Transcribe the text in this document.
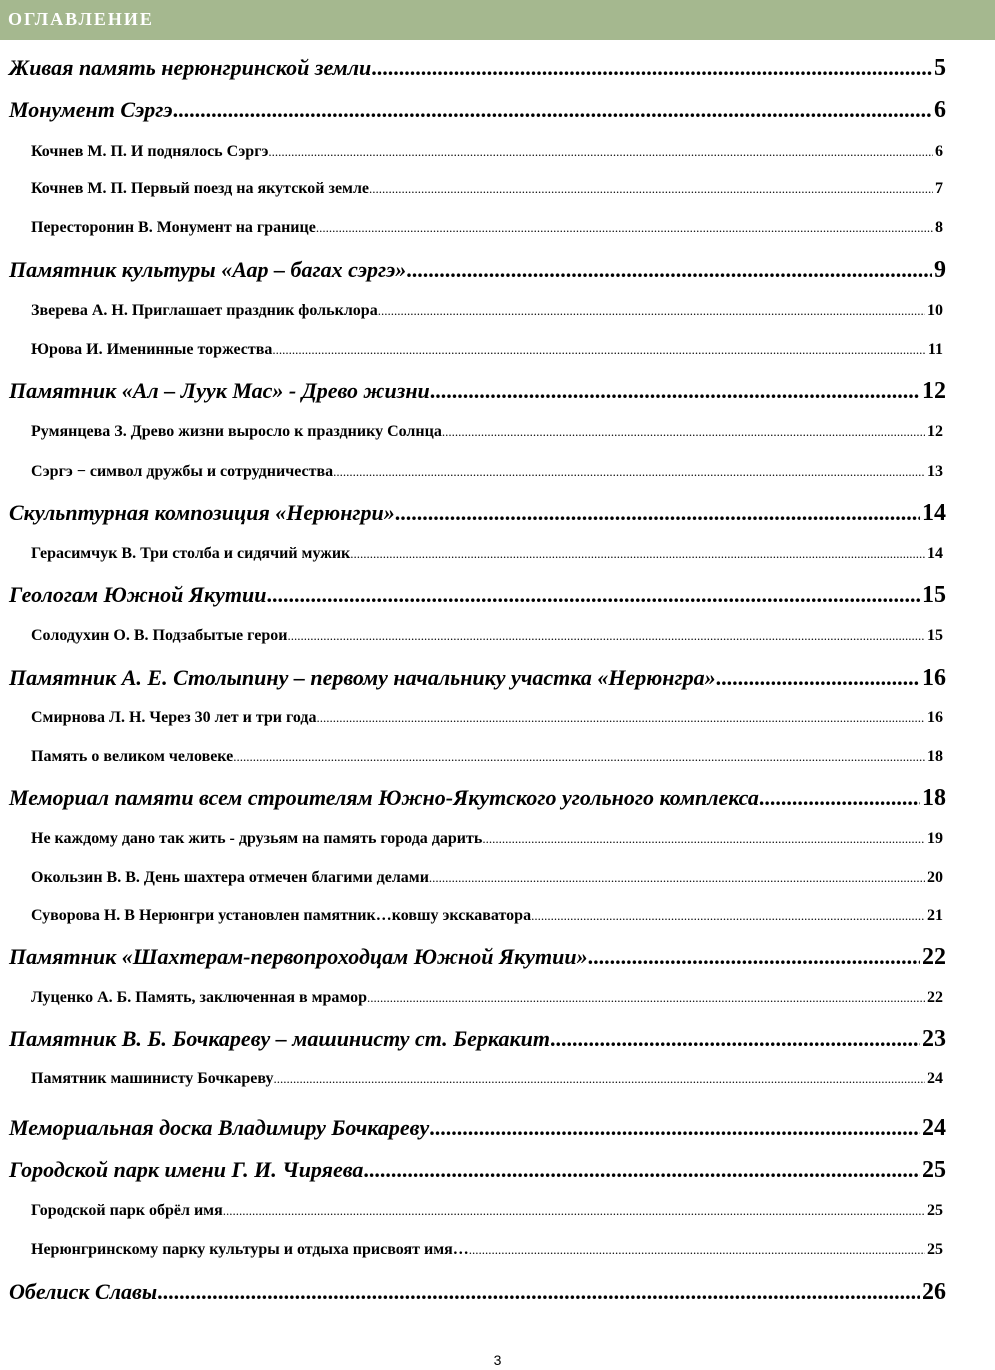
ОГЛАВЛЕНИЕ
Живая память нерюнгринской земли .....	5
Монумент Сэргэ .....	6
Кочнев М. П. И поднялось Сэргэ .....	6
Кочнев М. П. Первый поезд на якутской земле .....	7
Пересторонин В. Монумент на границе .....	8
Памятник культуры «Аар – багах сэргэ» .....	9
Зверева А. Н. Приглашает праздник фольклора .....	10
Юрова И. Именинные торжества .....	11
Памятник «Ал – Луук Мас» - Древо жизни .....	12
Румянцева З. Древо жизни выросло к празднику Солнца .....	12
Сэргэ − символ дружбы и сотрудничества .....	13
Скульптурная композиция «Нерюнгри» .....	14
Герасимчук В. Три столба и сидячий мужик .....	14
Геологам Южной Якутии .....	15
Солодухин О. В. Подзабытые герои .....	15
Памятник А. Е. Столыпину – первому начальнику участка «Нерюнгра» .....	16
Смирнова Л. Н. Через 30 лет и три года .....	16
Память о великом человеке .....	18
Мемориал памяти всем строителям Южно-Якутского угольного комплекса .....	18
Не каждому дано так жить - друзьям на память города дарить .....	19
Окользин В. В. День шахтера отмечен благими делами .....	20
Суворова Н. В Нерюнгри установлен памятник…ковшу экскаватора .....	21
Памятник «Шахтерам-первопроходцам Южной Якутии» .....	22
Луценко А. Б. Память, заключенная в мрамор .....	22
Памятник В. Б. Бочкареву – машинисту ст. Беркакит .....	23
Памятник машинисту Бочкареву .....	24
Мемориальная доска Владимиру Бочкареву .....	24
Городской парк имени Г. И. Чиряева .....	25
Городской парк обрёл имя .....	25
Нерюнгринскому парку культуры и отдыха присвоят имя… .....	25
Обелиск Славы .....	26
3
